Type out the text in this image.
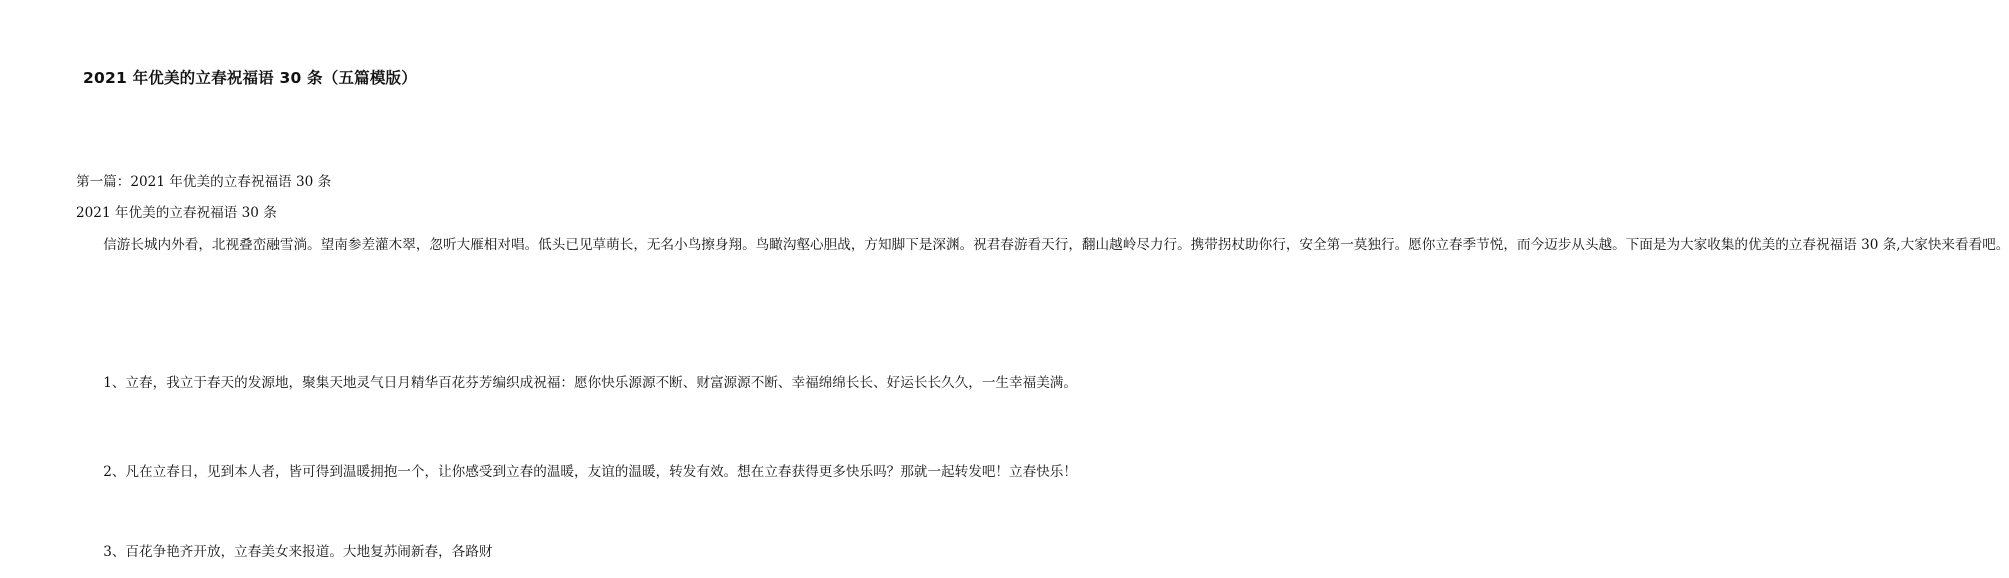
2021 年优美的立春祝福语 30 条（五篇模版）
第一篇：2021 年优美的立春祝福语 30 条
2021 年优美的立春祝福语 30 条
信游长城内外看，北视叠峦融雪淌。望南参差灌木翠，忽听大雁相对唱。低头已见草萌长，无名小鸟擦身翔。鸟瞰沟壑心胆战，方知脚下是深渊。祝君春游看天行，翻山越岭尽力行。携带拐杖助你行，安全第一莫独行。愿你立春季节悦，而今迈步从头越。下面是为大家收集的优美的立春祝福语 30 条,大家快来看看吧。
1、立春，我立于春天的发源地，聚集天地灵气日月精华百花芬芳编织成祝福：愿你快乐源源不断、财富源源不断、幸福绵绵长长、好运长长久久，一生幸福美满。
2、凡在立春日，见到本人者，皆可得到温暖拥抱一个，让你感受到立春的温暖，友谊的温暖，转发有效。想在立春获得更多快乐吗？那就一起转发吧！立春快乐！
3、百花争艳齐开放，立春美女来报道。大地复苏闹新春，各路财
